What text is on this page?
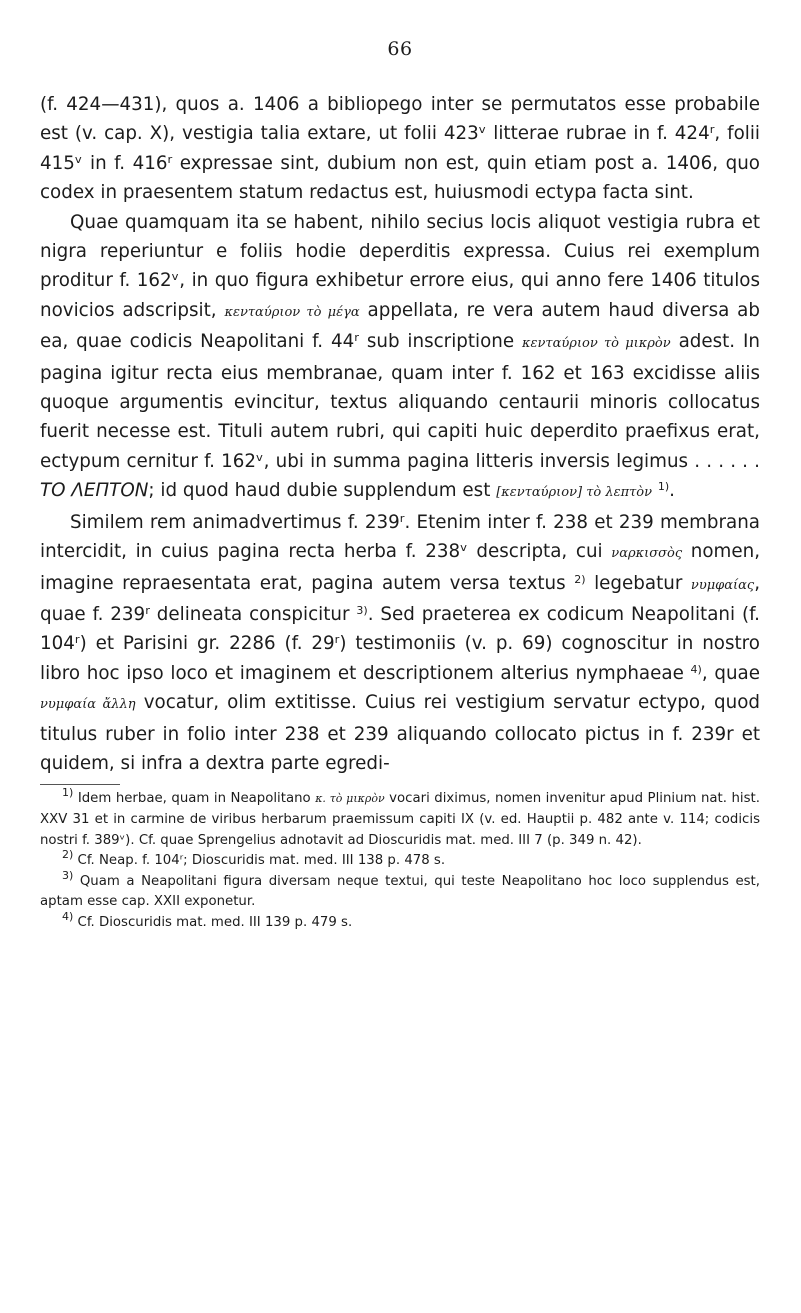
66

(f. 424—431), quos a. 1406 a bibliopego inter se permutatos esse probabile est (v. cap. X), vestigia talia extare, ut folii 423ᵛ litterae rubrae in f. 424ʳ, folii 415ᵛ in f. 416ʳ expressae sint, dubium non est, quin etiam post a. 1406, quo codex in praesentem statum redactus est, huiusmodi ectypa facta sint.

Quae quamquam ita se habent, nihilo secius locis aliquot vestigia rubra et nigra reperiuntur e foliis hodie deperditis expressa. Cuius rei exemplum proditur f. 162ᵛ, in quo figura exhibetur errore eius, qui anno fere 1406 titulos novicios adscripsit, κενταύριον τὸ μέγα appellata, re vera autem haud diversa ab ea, quae codicis Neapolitani f. 44ʳ sub inscriptione κενταύριον τὸ μικρὸν adest. In pagina igitur recta eius membranae, quam inter f. 162 et 163 excidisse aliis quoque argumentis evincitur, textus aliquando centaurii minoris collocatus fuerit necesse est. Tituli autem rubri, qui capiti huic deperdito praefixus erat, ectypum cernitur f. 162ᵛ, ubi in summa pagina litteris inversis legimus . . . . . . TO ΛΕΠΤΟΝ; id quod haud dubie supplendum est [κενταύριον] τὸ λεπτὸν $^{1)}$.

Similem rem animadvertimus f. 239ʳ. Etenim inter f. 238 et 239 membrana intercidit, in cuius pagina recta herba f. 238ᵛ descripta, cui ναρκισσὸς nomen, imagine repraesentata erat, pagina autem versa textus $^{2)}$ legebatur νυμφαίας, quae f. 239ʳ delineata conspicitur $^{3)}$. Sed praeterea ex codicum Neapolitani (f. 104ʳ) et Parisini gr. 2286 (f. 29ʳ) testimoniis (v. p. 69) cognoscitur in nostro libro hoc ipso loco et imaginem et descriptionem alterius nymphaeae $^{4)}$, quae νυμφαία ἄλλη vocatur, olim extitisse. Cuius rei vestigium servatur ectypo, quod titulus ruber in folio inter 238 et 239 aliquando collocato pictus in f. 239r et quidem, si infra a dextra parte egredi-

$^{1)}$ Idem herbae, quam in Neapolitano κ. τὸ μικρὸν vocari diximus, nomen invenitur apud Plinium nat. hist. XXV 31 et in carmine de viribus herbarum praemissum capiti IX (v. ed. Hauptii p. 482 ante v. 114; codicis nostri f. 389ᵛ). Cf. quae Sprengelius adnotavit ad Dioscuridis mat. med. III 7 (p. 349 n. 42).

$^{2)}$ Cf. Neap. f. 104ʳ; Dioscuridis mat. med. III 138 p. 478 s.

$^{3)}$ Quam a Neapolitani figura diversam neque textui, qui teste Neapolitano hoc loco supplendus est, aptam esse cap. XXII exponetur.

$^{4)}$ Cf. Dioscuridis mat. med. III 139 p. 479 s.
